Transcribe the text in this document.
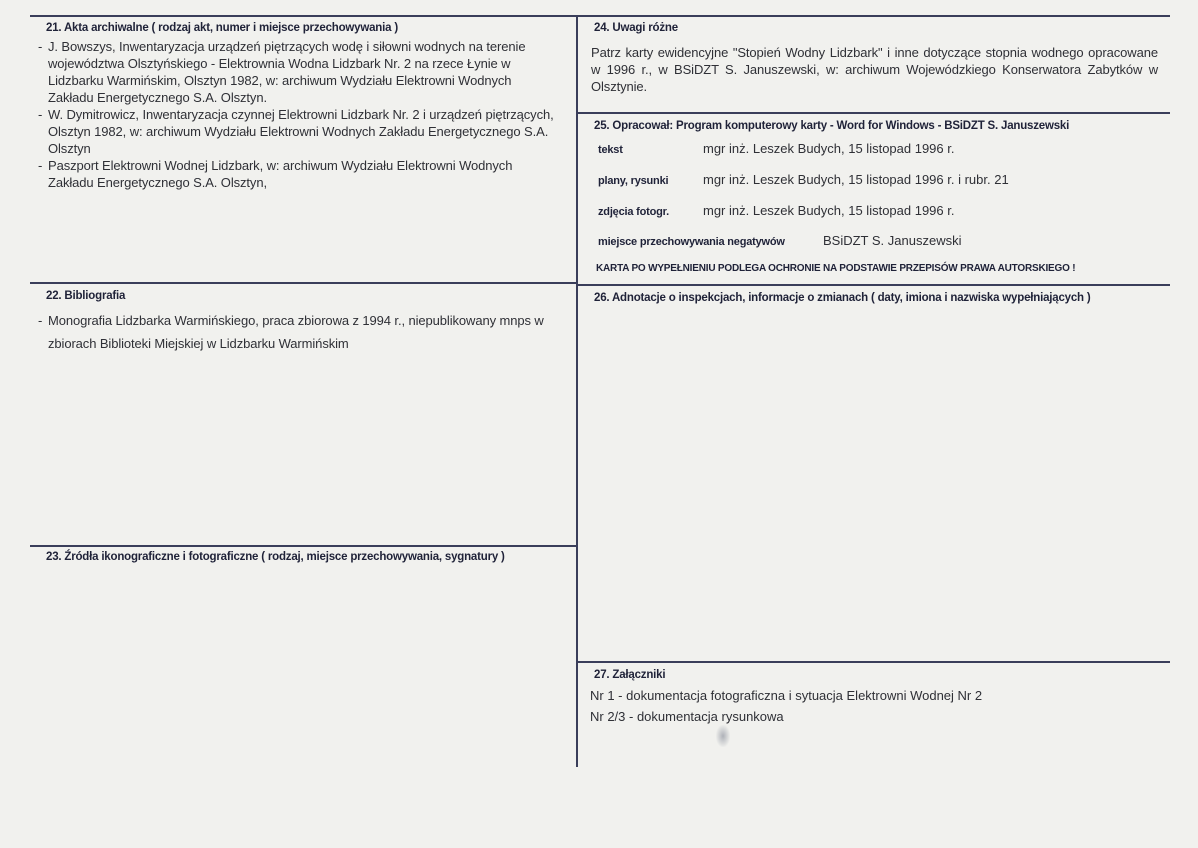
21. Akta archiwalne ( rodzaj akt, numer i miejsce przechowywania )
- J. Bowszys, Inwentaryzacja urządzeń piętrzących wodę i siłowni wodnych na terenie województwa Olsztyńskiego - Elektrownia Wodna Lidzbark Nr. 2 na rzece Łynie w Lidzbarku Warmińskim, Olsztyn 1982, w: archiwum Wydziału Elektrowni Wodnych Zakładu Energetycznego S.A. Olsztyn.
- W. Dymitrowicz, Inwentaryzacja czynnej Elektrowni Lidzbark Nr. 2 i urządzeń piętrzących, Olsztyn 1982, w: archiwum Wydziału Elektrowni Wodnych Zakładu Energetycznego S.A. Olsztyn
- Paszport Elektrowni Wodnej Lidzbark, w: archiwum Wydziału Elektrowni Wodnych Zakładu Energetycznego S.A. Olsztyn,
22. Bibliografia
- Monografia Lidzbarka Warmińskiego, praca zbiorowa z 1994 r., niepublikowany mnps w zbiorach Biblioteki Miejskiej w Lidzbarku Warmińskim
23. Źródła ikonograficzne i fotograficzne ( rodzaj, miejsce przechowywania, sygnatury )
24. Uwagi różne
Patrz karty ewidencyjne "Stopień Wodny Lidzbark" i inne dotyczące stopnia wodnego opracowane w 1996 r., w BSiDZT S. Januszewski, w: archiwum Wojewódzkiego Konserwatora Zabytków w Olsztynie.
25. Opracował: Program komputerowy karty - Word for Windows - BSiDZT S. Januszewski
tekst	mgr inż. Leszek Budych, 15 listopad 1996 r.
plany, rysunki	mgr inż. Leszek Budych, 15 listopad 1996 r. i rubr. 21
zdjęcia fotogr.	mgr inż. Leszek Budych, 15 listopad 1996 r.
miejsce przechowywania negatywów	BSiDZT S. Januszewski
KARTA PO WYPEŁNIENIU PODLEGA OCHRONIE NA PODSTAWIE PRZEPISÓW PRAWA AUTORSKIEGO !
26. Adnotacje o inspekcjach, informacje o zmianach ( daty, imiona i nazwiska wypełniających )
27. Załączniki
Nr 1 - dokumentacja fotograficzna i sytuacja Elektrowni Wodnej Nr 2
Nr 2/3 - dokumentacja rysunkowa
